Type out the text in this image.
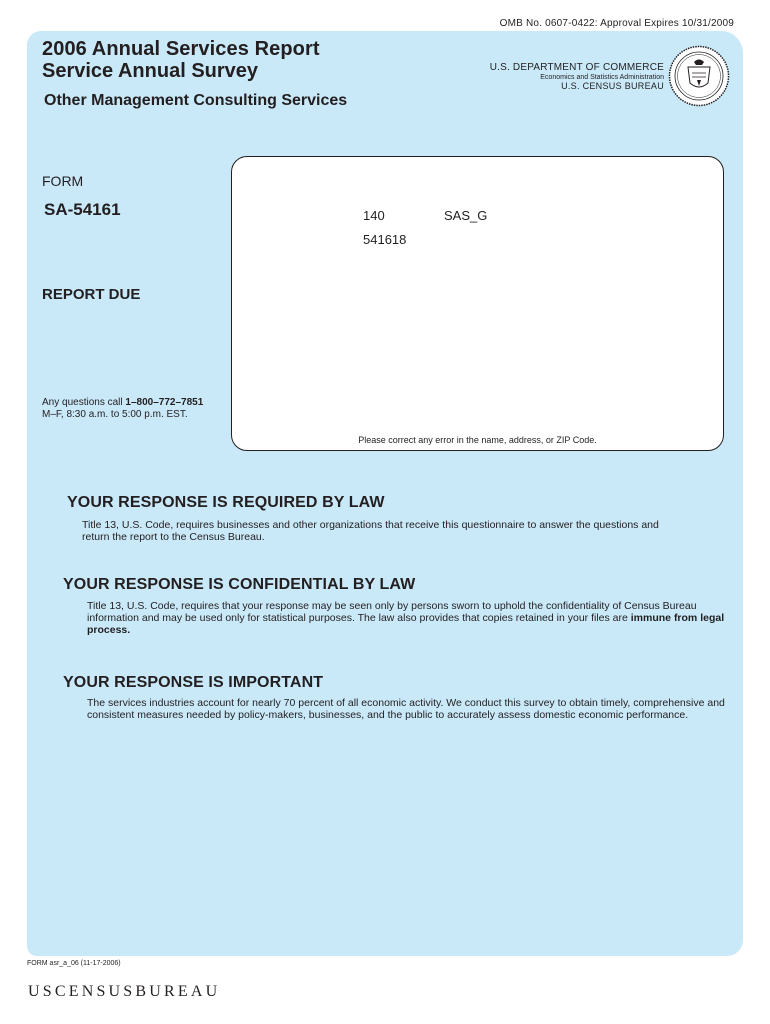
OMB No. 0607-0422: Approval Expires 10/31/2009
2006 Annual Services Report
Service Annual Survey
Other Management Consulting Services
U.S. DEPARTMENT OF COMMERCE
Economics and Statistics Administration
U.S. CENSUS BUREAU
FORM
SA-54161
REPORT DUE
Any questions call 1–800–772–7851
M–F, 8:30 a.m. to 5:00 p.m. EST.
140	SAS_G
541618
Please correct any error in the name, address, or ZIP Code.
YOUR RESPONSE IS REQUIRED BY LAW
Title 13, U.S. Code, requires businesses and other organizations that receive this questionnaire to answer the questions and return the report to the Census Bureau.
YOUR RESPONSE IS CONFIDENTIAL BY LAW
Title 13, U.S. Code, requires that your response may be seen only by persons sworn to uphold the confidentiality of Census Bureau information and may be used only for statistical purposes. The law also provides that copies retained in your files are immune from legal process.
YOUR RESPONSE IS IMPORTANT
The services industries account for nearly 70 percent of all economic activity. We conduct this survey to obtain timely, comprehensive and consistent measures needed by policy-makers, businesses, and the public to accurately assess domestic economic performance.
FORM asr_a_06 (11-17-2006)
USCENSUSBUREAU
